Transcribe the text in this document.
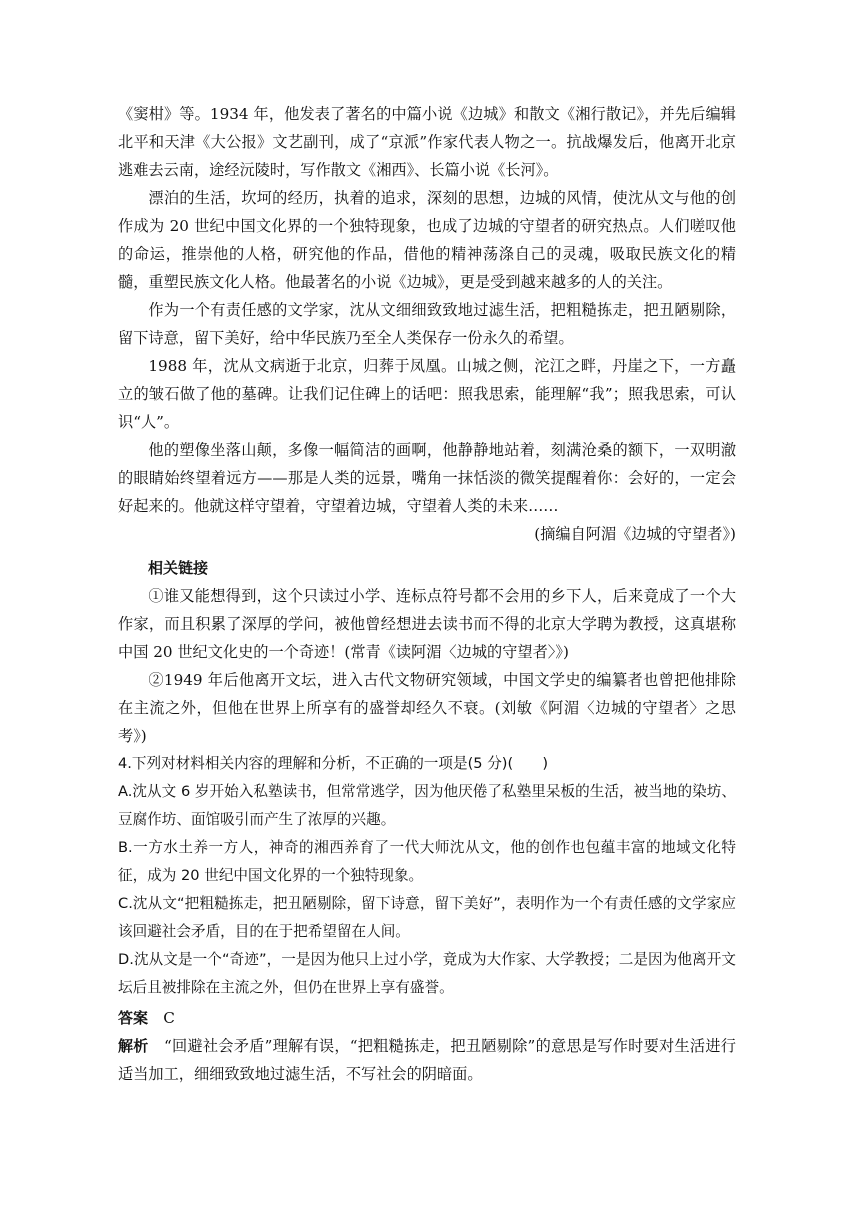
《窦柑》等。1934 年，他发表了著名的中篇小说《边城》和散文《湘行散记》，并先后编辑北平和天津《大公报》文艺副刊，成了“京派”作家代表人物之一。抗战爆发后，他离开北京逃难去云南，途经沅陵时，写作散文《湘西》、长篇小说《长河》。

漂泊的生活，坎坷的经历，执着的追求，深刻的思想，边城的风情，使沈从文与他的创作成为 20 世纪中国文化界的一个独特现象，也成了边城的守望者的研究热点。人们嗟叹他的命运，推崇他的人格，研究他的作品，借他的精神荡涤自己的灵魂，吸取民族文化的精髓，重塑民族文化人格。他最著名的小说《边城》，更是受到越来越多的人的关注。

作为一个有责任感的文学家，沈从文细细致致地过滤生活，把粗糙拣走，把丑陋剔除，留下诗意，留下美好，给中华民族乃至全人类保存一份永久的希望。

1988 年，沈从文病逝于北京，归葬于凤凰。山城之侧，沱江之畔，丹崖之下，一方矗立的皱石做了他的墓碑。让我们记住碑上的话吧：照我思索，能理解“我”；照我思索，可认识“人”。

他的塑像坐落山颠，多像一幅简洁的画啊，他静静地站着，刻满沧桑的额下，一双明澈的眼睛始终望着远方——那是人类的远景，嘴角一抹恬淡的微笑提醒着你：会好的，一定会好起来的。他就这样守望着，守望着边城，守望着人类的未来……

(摘编自阿湄《边城的守望者》)

相关链接

①谁又能想得到，这个只读过小学、连标点符号都不会用的乡下人，后来竟成了一个大作家，而且积累了深厚的学问，被他曾经想进去读书而不得的北京大学聘为教授，这真堪称中国 20 世纪文化史的一个奇迹！(常青《读阿湄〈边城的守望者〉》)

②1949 年后他离开文坛，进入古代文物研究领域，中国文学史的编纂者也曾把他排除在主流之外，但他在世界上所享有的盛誉却经久不衰。(刘敏《阿湄〈边城的守望者〉之思考》)

4.下列对材料相关内容的理解和分析，不正确的一项是(5 分)(　　)

A.沈从文 6 岁开始入私塾读书，但常常逃学，因为他厌倦了私塾里呆板的生活，被当地的染坊、豆腐作坊、面馆吸引而产生了浓厚的兴趣。

B.一方水土养一方人，神奇的湘西养育了一代大师沈从文，他的创作也包蕴丰富的地域文化特征，成为 20 世纪中国文化界的一个独特现象。

C.沈从文“把粗糙拣走，把丑陋剔除，留下诗意，留下美好”，表明作为一个有责任感的文学家应该回避社会矛盾，目的在于把希望留在人间。

D.沈从文是一个“奇迹”，一是因为他只上过小学，竟成为大作家、大学教授；二是因为他离开文坛后且被排除在主流之外，但仍在世界上享有盛誉。

答案　 C

解析　 “回避社会矛盾”理解有误，“把粗糙拣走，把丑陋剔除”的意思是写作时要对生活进行适当加工，细细致致地过滤生活，不写社会的阴暗面。
